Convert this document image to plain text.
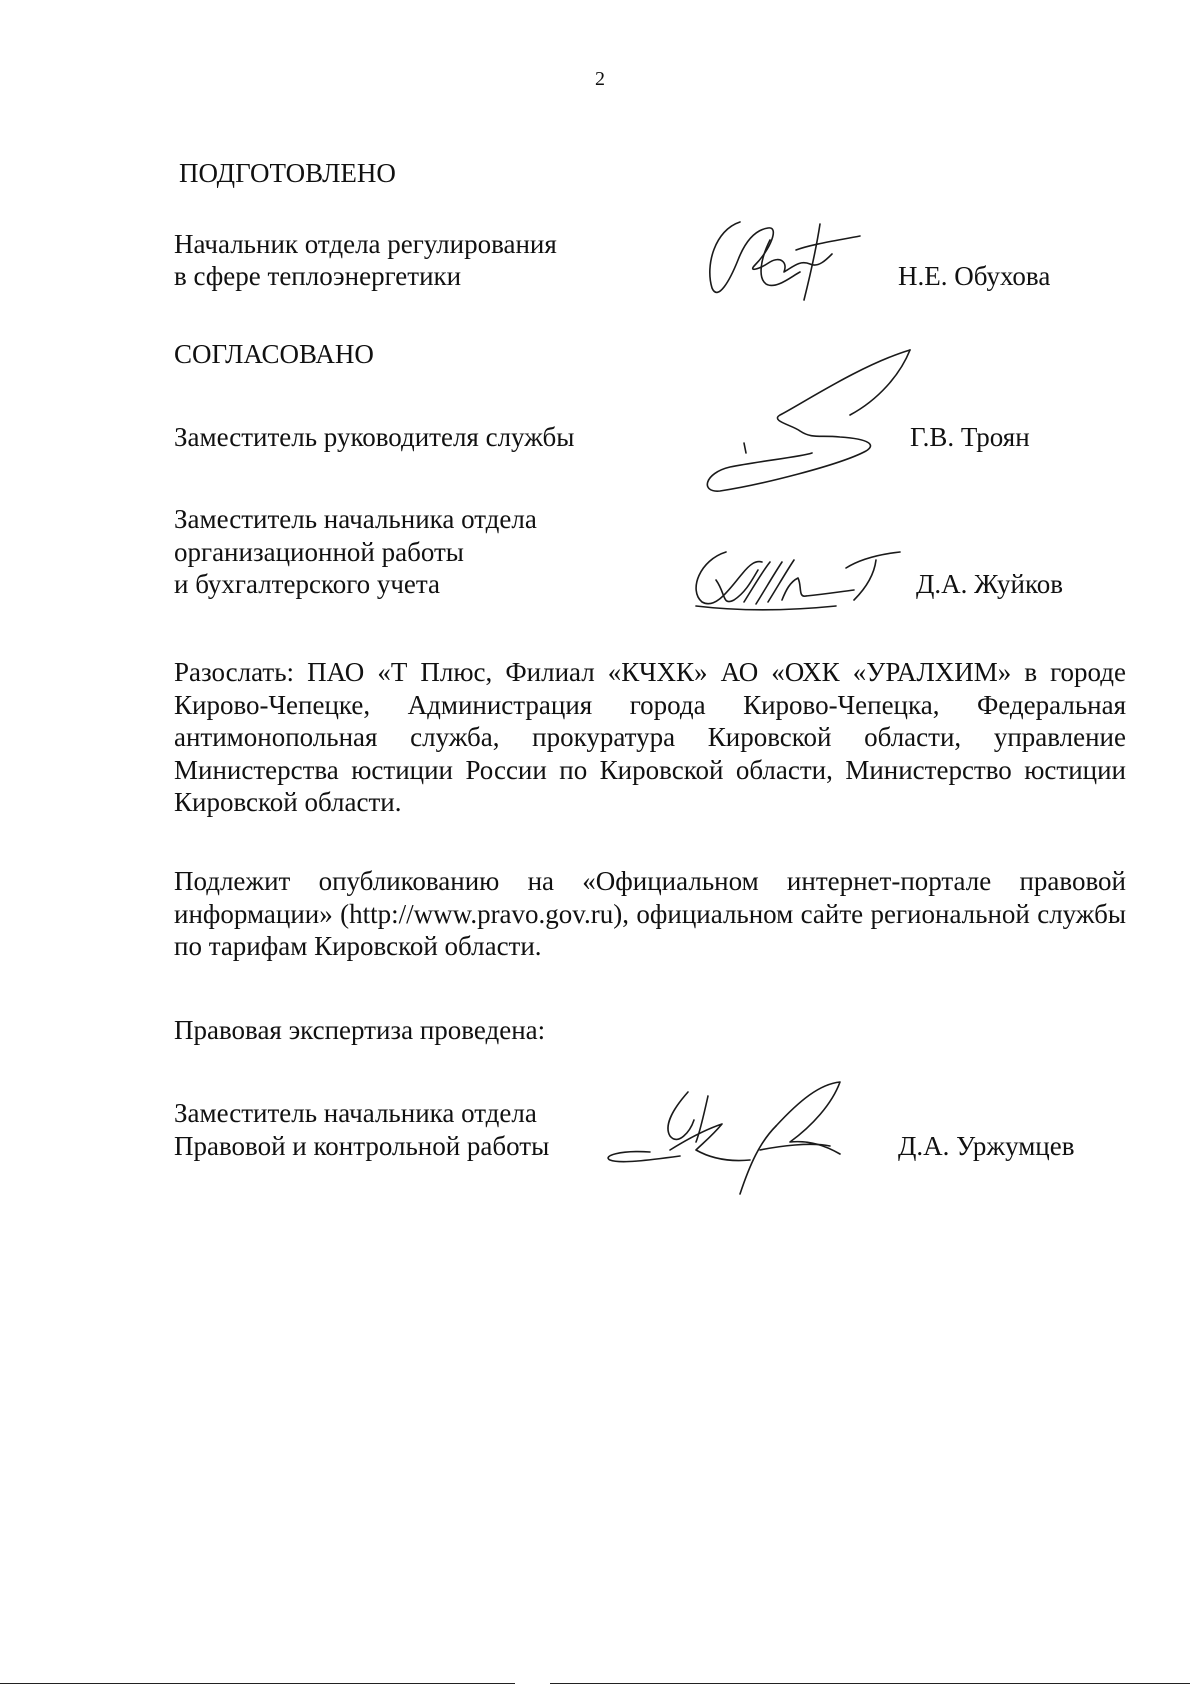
2
ПОДГОТОВЛЕНО
Начальник отдела регулирования
в сфере теплоэнергетики	Н.Е. Обухова
СОГЛАСОВАНО
Заместитель руководителя службы	Г.В. Троян
Заместитель начальника отдела
организационной работы
и бухгалтерского учета	Д.А. Жуйков
Разослать: ПАО «Т Плюс, Филиал «КЧХК» АО «ОХК «УРАЛХИМ» в городе Кирово-Чепецке, Администрация города Кирово-Чепецка, Федеральная антимонопольная служба, прокуратура Кировской области, управление Министерства юстиции России по Кировской области, Министерство юстиции Кировской области.
Подлежит опубликованию на «Официальном интернет-портале правовой информации» (http://www.pravo.gov.ru), официальном сайте региональной службы по тарифам Кировской области.
Правовая экспертиза проведена:
Заместитель начальника отдела
Правовой и контрольной работы	Д.А. Уржумцев
